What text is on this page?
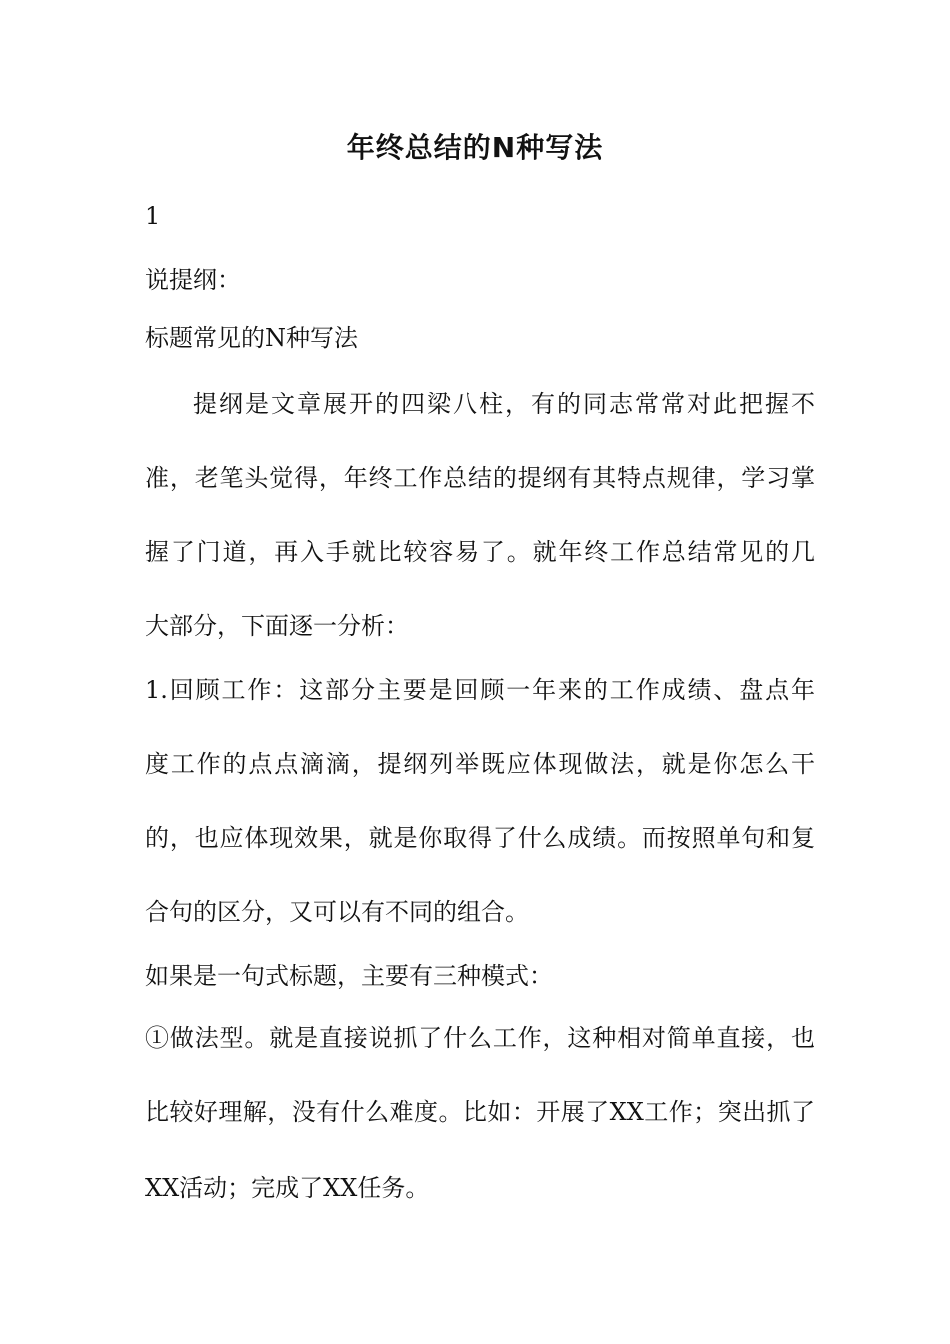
年终总结的N种写法
1
说提纲：
标题常见的N种写法
提纲是文章展开的四梁八柱，有的同志常常对此把握不
准，老笔头觉得，年终工作总结的提纲有其特点规律，学习掌
握了门道，再入手就比较容易了。就年终工作总结常见的几
大部分，下面逐一分析：
1.回顾工作：这部分主要是回顾一年来的工作成绩、盘点年
度工作的点点滴滴，提纲列举既应体现做法，就是你怎么干
的，也应体现效果，就是你取得了什么成绩。而按照单句和复
合句的区分，又可以有不同的组合。
如果是一句式标题，主要有三种模式：
①做法型。就是直接说抓了什么工作，这种相对简单直接，也
比较好理解，没有什么难度。比如：开展了XX工作；突出抓了
XX活动；完成了XX任务。
